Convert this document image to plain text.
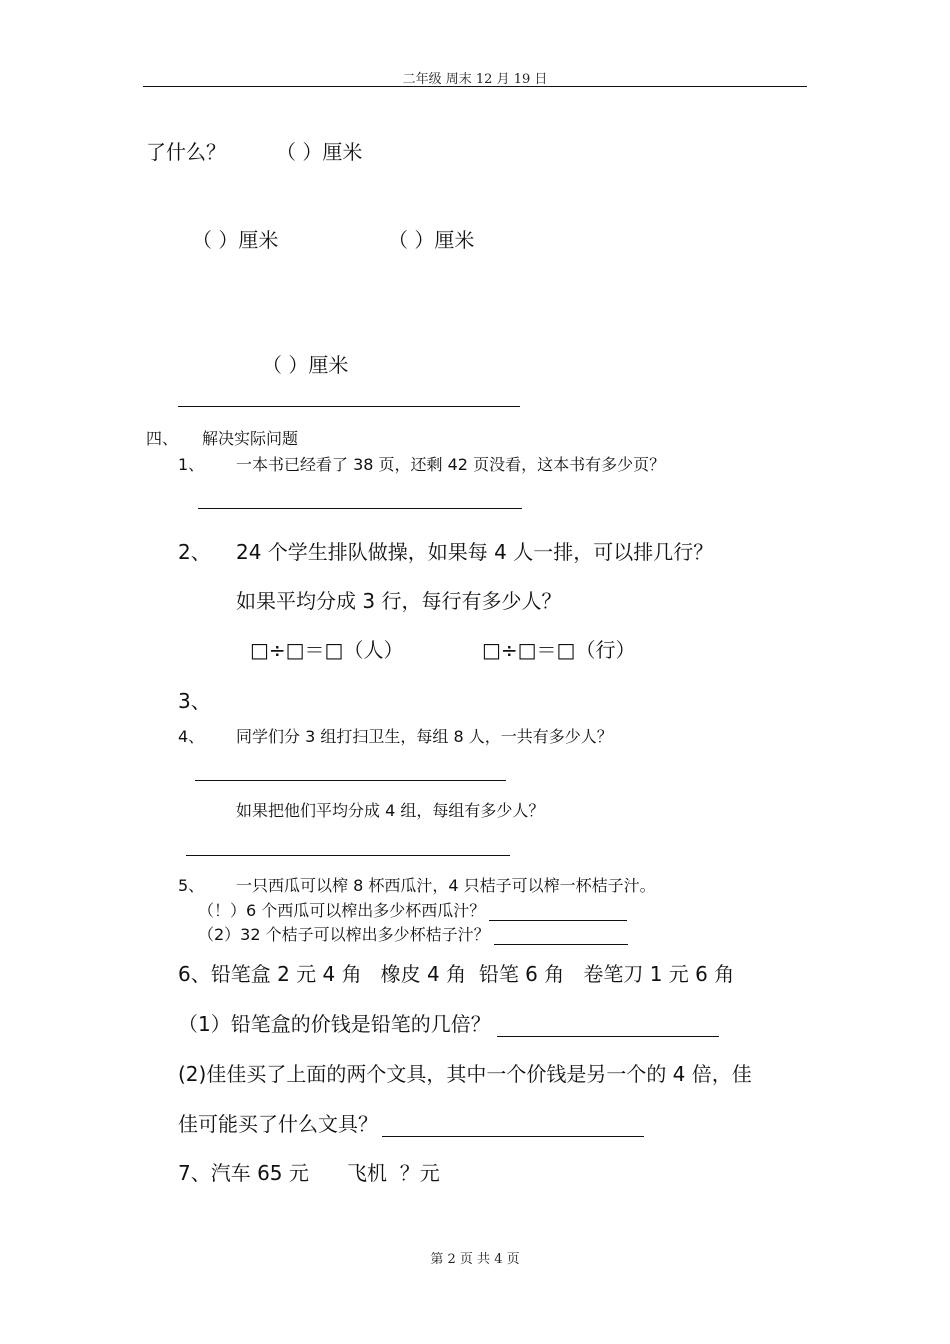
二年级 周末 12 月 19 日
了什么？	（ ）厘米
（ ）厘米	（ ）厘米
（ ）厘米
四、 解决实际问题
1、 一本书已经看了 38 页，还剩 42 页没看，这本书有多少页？
2、 24 个学生排队做操，如果每 4 人一排，可以排几行？
如果平均分成 3 行，每行有多少人？
□÷□＝□（人）	□÷□＝□（行）
3、
4、 同学们分 3 组打扫卫生，每组 8 人，一共有多少人？
如果把他们平均分成 4 组，每组有多少人？
5、 一只西瓜可以榨 8 杯西瓜汁，4 只桔子可以榨一杯桔子汁。
（！）6 个西瓜可以榨出多少杯西瓜汁？
（2）32 个桔子可以榨出多少杯桔子汁？
6、铅笔盒 2 元 4 角   橡皮 4 角  铅笔 6 角   卷笔刀 1 元 6 角
（1）铅笔盒的价钱是铅笔的几倍？
(2)佳佳买了上面的两个文具，其中一个价钱是另一个的 4 倍，佳
佳可能买了什么文具？
7、汽车 65 元      飞机  ？元
第 2 页 共 4 页
